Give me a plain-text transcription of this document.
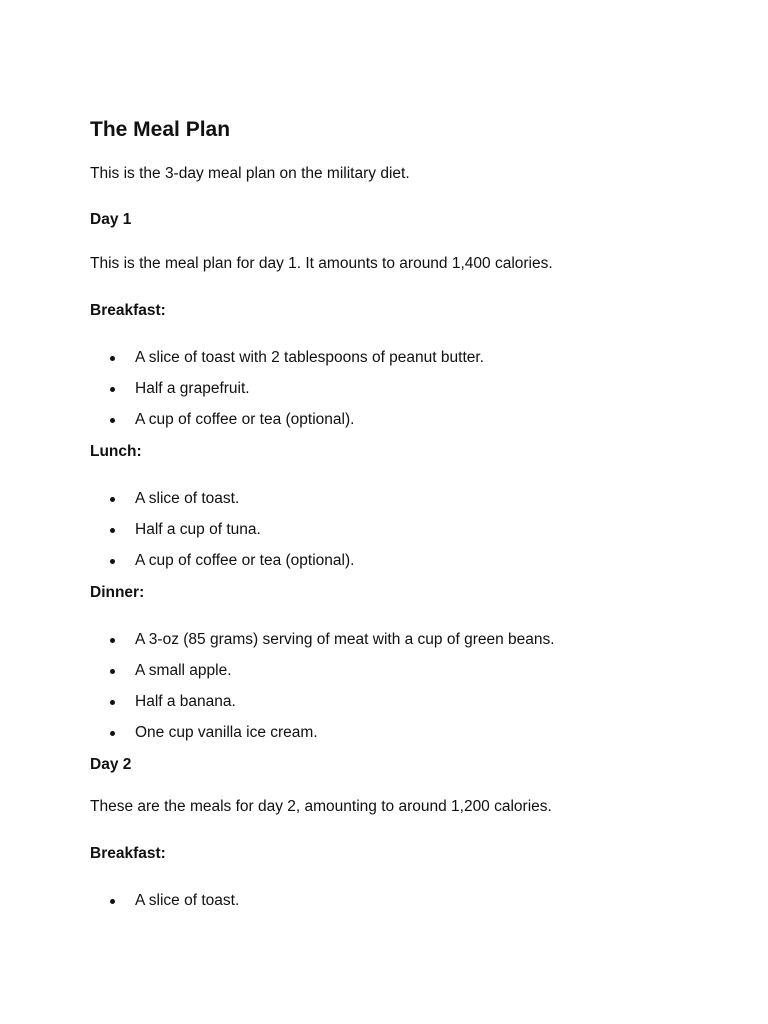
The Meal Plan

This is the 3-day meal plan on the military diet.

Day 1

This is the meal plan for day 1. It amounts to around 1,400 calories.

Breakfast:
A slice of toast with 2 tablespoons of peanut butter.
Half a grapefruit.
A cup of coffee or tea (optional).
Lunch:
A slice of toast.
Half a cup of tuna.
A cup of coffee or tea (optional).
Dinner:
A 3-oz (85 grams) serving of meat with a cup of green beans.
A small apple.
Half a banana.
One cup vanilla ice cream.
Day 2

These are the meals for day 2, amounting to around 1,200 calories.

Breakfast:
A slice of toast.
